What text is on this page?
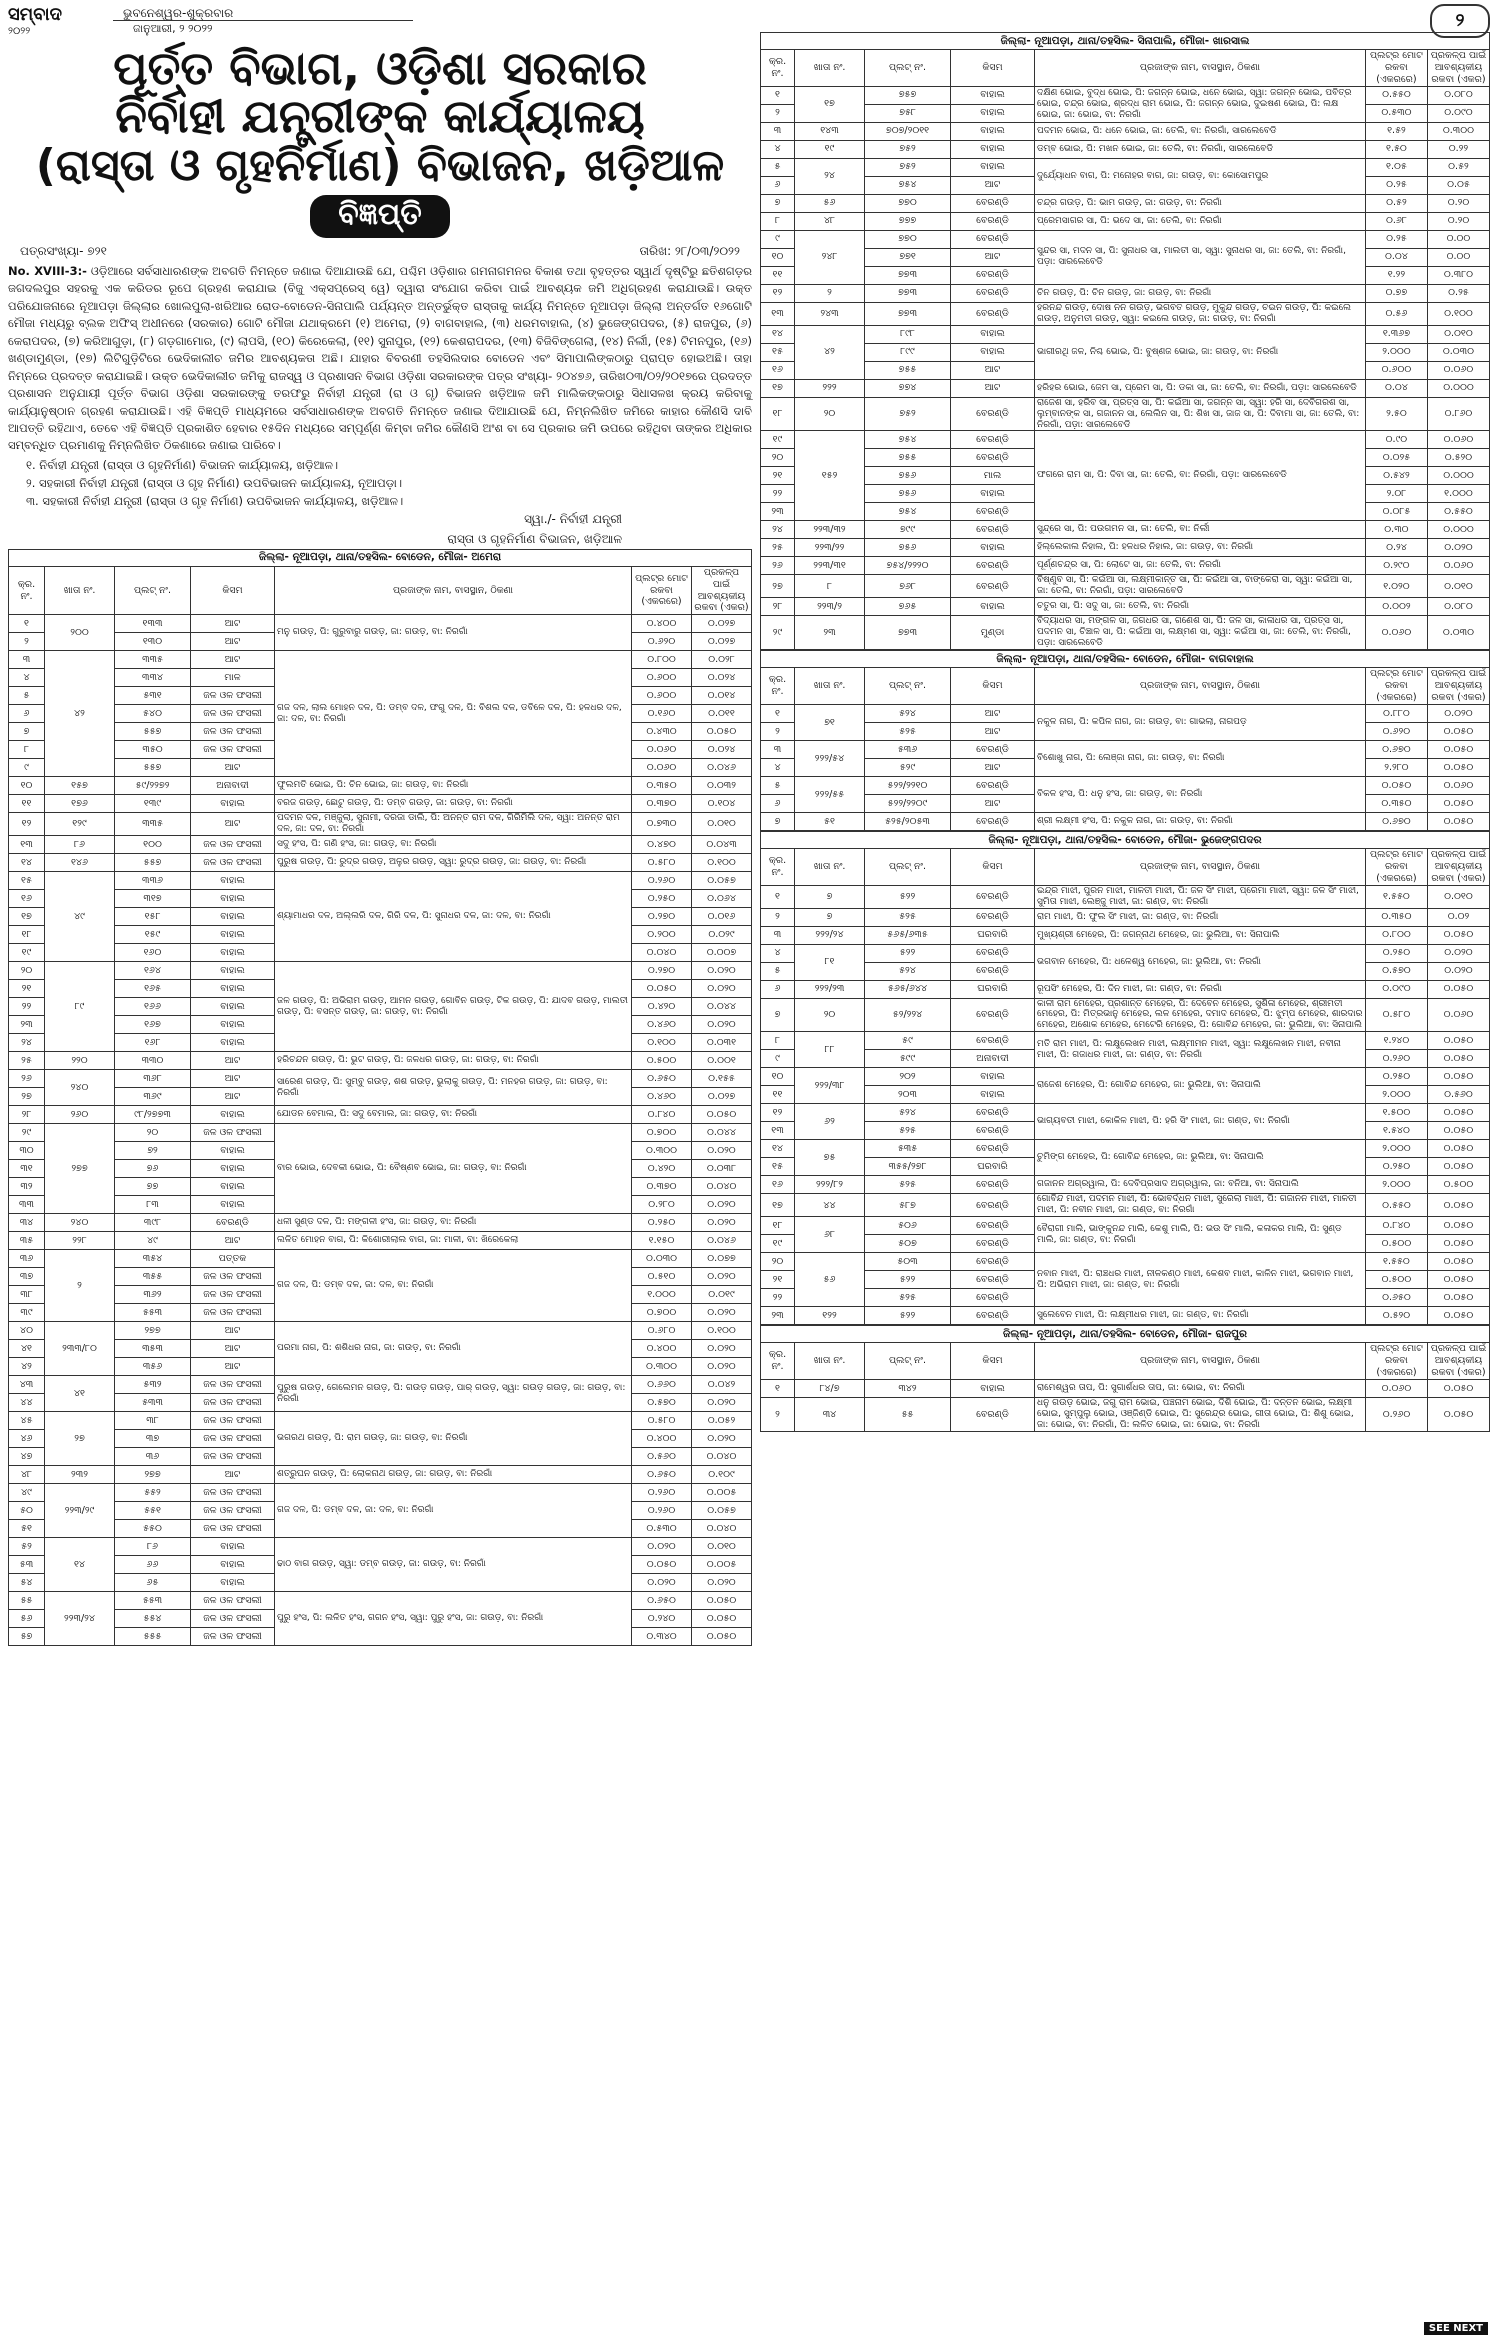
ସମ୍ବାଦ
୨୦୨୨
ଭୁବନେଶ୍ୱର-ଶୁକ୍ରବାର
ଜାନୁଆରୀ, ୨ ୨୦୨୨	୨
ପୂର୍ତ୍ତ ବିଭାଗ, ଓଡ଼ିଶା ସରକାର
ନିର୍ବାହୀ ଯନ୍ତ୍ରୀଙ୍କ କାର୍ଯ୍ୟାଳୟ
(ରାସ୍ତା ଓ ଗୃହନିର୍ମାଣ) ବିଭାଜନ, ଖଡ଼ିଆଳ
ବିଜ୍ଞପ୍ତି
ପତ୍ରସଂଖ୍ୟା- ୭୨୧	ତାରିଖ: ୨୮/୦୩/୨୦୨୨

No. XVIII-3:- ଓଡ଼ିଆରେ ସର୍ବସାଧାରଣଙ୍କ ଅବଗତି ନିମନ୍ତେ ଜଣାଇ ଦିଆଯାଉଛି ଯେ, ପଶ୍ଚିମ ଓଡ଼ିଶାର ଗମନାଗମନର ବିକାଶ ତଥା ବୃହତ୍ତର ସ୍ୱାର୍ଥ ଦୃଷ୍ଟିରୁ ଛତିଶଗଡ଼ର ଜଗଦଲପୁର ସହରକୁ ଏକ କରିଡର ରୂପେ ଗ୍ରହଣ କରାଯାଇ (ବିଜୁ ଏକ୍ସପ୍ରେସ୍ ୱେ) ଦ୍ୱାରା ସଂଯୋଗ କରିବା ପାଇଁ ଆବଶ୍ୟକ ଜମି ଅଧିଗ୍ରହଣ କରାଯାଉଛି। ଉକ୍ତ ପରିଯୋଜନାରେ ନୂଆପଡ଼ା ଜିଲ୍ଲାର ଖୋଲପୁଲା-ଖରିଆର ରୋଡ-ବୋଡେନ-ସିନାପାଲି ପର୍ଯ୍ୟନ୍ତ ଅନ୍ତର୍ଭୁକ୍ତ ରାସ୍ତାକୁ କାର୍ଯ୍ୟ ନିମନ୍ତେ ନୂଆପଡ଼ା ଜିଲ୍ଲା ଅନ୍ତର୍ଗତ ୧୬ଗୋଟି ମୌଜା ମଧ୍ୟରୁ ବ୍ଲକ ଅଫିସ୍ ଅଧୀନରେ (ସରକାର) ଗୋଟି ମୌଜା ଯଥାକ୍ରମେ (୧) ଅମେରା, (୨) ବାଗବାହାଲ, (୩) ଧରମବାହାଲ, (୪) ଭୁଜେଙ୍ଗପଦର, (୫) ରାଜପୁର, (୬) କେରାପଦର, (୭) କରିଆଗୁଡ଼ା, (୮) ଗଡ଼ଗାମୋର, (୯) ଲାପସି, (୧୦) କିରେକେଲା, (୧୧) ସୁନାପୁର, (୧୨) କେଶରାପଦର, (୧୩) ବିଜିବିଙ୍ଗେଲା, (୧୪) ନିର୍ଲୀ, (୧୫) ଟିମନପୁର, (୧୬) ଖଣ୍ଡାମୁଣ୍ଡା, (୧୭) ଲିଟିଗୁଡ଼ିଟିରେ ଭେଦିକାଲୀଚ ଜମିର ଆବଶ୍ୟକତା ଅଛି। ଯାହାର ବିବରଣୀ ତହସିଲଦାର ବୋଡେନ ଏବଂ ସିମାପାଲିଙ୍କଠାରୁ ପ୍ରାପ୍ତ ହୋଇଅଛି। ତାହା ନିମ୍ନରେ ପ୍ରଦତ୍ତ କରାଯାଇଛି। ଉକ୍ତ ଭେଦିକାଲୀଚ ଜମିକୁ ରାଜସ୍ୱ ଓ ପ୍ରଶାସନ ବିଭାଗ ଓଡ଼ିଶା ସରକାରଙ୍କ ପତ୍ର ସଂଖ୍ୟା- ୨୦୪୭୬, ତାରିଖ୦୩/୦୨/୨୦୧୭ରେ ପ୍ରଦତ୍ତ ପ୍ରଶାସନ ଅନୁଯାୟୀ ପୂର୍ତ୍ତ ବିଭାଗ ଓଡ଼ିଶା ସରକାରଙ୍କୁ ତରଫରୁ ନିର୍ବାହୀ ଯନ୍ତ୍ରୀ (ରା ଓ ଗୃ) ବିଭାଜନ ଖଡ଼ିଆଳ ଜମି ମାଲିକଙ୍କଠାରୁ ସିଧାସଳଖ କ୍ରୟ କରିବାକୁ କାର୍ଯ୍ୟାନୁଷ୍ଠାନ ଗ୍ରହଣ କରାଯାଉଛି। ଏହି ବିଜ୍ଞପ୍ତି ମାଧ୍ୟମରେ ସର୍ବସାଧାରଣଙ୍କ ଅବଗତି ନିମନ୍ତେ ଜଣାଇ ଦିଆଯାଉଛି ଯେ, ନିମ୍ନଲିଖିତ ଜମିରେ କାହାର କୌଣସି ଦାବି ଆପତ୍ତି ରହିଥାଏ, ତେବେ ଏହି ବିଜ୍ଞପ୍ତି ପ୍ରକାଶିତ ହେବାର ୧୫ଦିନ ମଧ୍ୟରେ ସମ୍ପୂର୍ଣ୍ଣ କିମ୍ବା ଜମିର କୌଣସି ଅଂଶ ବା ସେ ପ୍ରକାର ଜମି ଉପରେ ରହିଥିବା ତାଙ୍କର ଅଧିକାର ସମ୍ବନ୍ଧିତ ପ୍ରମାଣକୁ ନିମ୍ନଲିଖିତ ଠିକଣାରେ ଜଣାଇ ପାରିବେ।

୧. ନିର୍ବାହୀ ଯନ୍ତ୍ରୀ (ରାସ୍ତା ଓ ଗୃହନିର୍ମାଣ) ବିଭାଜନ କାର୍ଯ୍ୟାଳୟ, ଖଡ଼ିଆଳ।
୨. ସହକାରୀ ନିର୍ବାହୀ ଯନ୍ତ୍ରୀ (ରାସ୍ତା ଓ ଗୃହ ନିର୍ମାଣ) ଉପବିଭାଜନ କାର୍ଯ୍ୟାଳୟ, ନୂଆପଡ଼ା।
୩. ସହକାରୀ ନିର୍ବାହୀ ଯନ୍ତ୍ରୀ (ରାସ୍ତା ଓ ଗୃହ ନିର୍ମାଣ) ଉପବିଭାଜନ କାର୍ଯ୍ୟାଳୟ, ଖଡ଼ିଆଳ।
ସ୍ୱା./- ନିର୍ବାହୀ ଯନ୍ତ୍ରୀ
ରାସ୍ତା ଓ ଗୃହନିର୍ମାଣ ବିଭାଜନ, ଖଡ଼ିଆଳ
ଜିଲ୍ଲା- ନୂଆପଡ଼ା, ଥାନା/ତହସିଲ- ବୋଡେନ, ମୌଜା- ଅମେରା						
କ୍ର. ନଂ.	ଖାତା ନଂ.	ପ୍ଲଟ୍ ନଂ.	କିସମ	ପ୍ରଜାଙ୍କ ନାମ, ବାସସ୍ଥାନ, ଠିକଣା	ପ୍ଲଟ୍‌ର ମୋଟ ରକବା (ଏକରରେ)	ପ୍ରକଳ୍ପ ପାଇଁ ଆବଶ୍ୟକୀୟ ରକବା (ଏକର)
୧	୨୦୦	୧୩୩	ଆଟ	ମନୁ ଗଉଡ଼, ପି: ଗୁରୁବାରୁ ଗଉଡ଼, ଜା: ଗଉଡ଼, ବା: ନିରଗାଁ	୦.୪୦୦	୦.୦୨୭
୨		୧୩୦	ଆଟ		୦.୬୨୦	୦.୦୨୭
୩	୪୨	୩୩୫	ଆଟ	ଗଜ ଦଳ, ଲାଲ ମୋହନ ଦଳ, ପି: ଡମ୍ବ ଦଳ, ଫଗୁ ଦଳ, ପି: ବିଶଲ ଦଳ, ଡବିଳେ ଦଳ, ପି: ହଳଧର ଦଳ, ଜା: ଦଳ, ବା: ନିରଗାଁ	୦.୮୦୦	୦.୦୨୮
୪		୩୩୪	ମାଳ		୦.୬୦୦	୦.୦୨୪
୫		୫୩୧	ଜଳ ଓଳ ଫସଲୀ		୦.୬୦୦	୦.୦୧୪
୬		୫୪୦	ଜଳ ଓଳ ଫସଲୀ		୦.୧୬୦	୦.୦୧୧
୭		୫୫୭	ଜଳ ଓଳ ଫସଲୀ		୦.୪୩୦	୦.୦୫୦
୮		୩୫୦	ଜଳ ଓଳ ଫସଲୀ		୦.୦୬୦	୦.୦୨୪
୯		୫୫୭	ଆଟ		୦.୦୬୦	୦.୦୪୬
୧୦	୧୫୭	୫୯/୨୨୭୨	ଅନାବାଦୀ	ଫୁଲମତି ଭୋଇ, ପି: ଚିନ ଭୋଇ, ଜା: ଗଉଡ଼, ବା: ନିରଗାଁ	୦.୩୫୦	୦.୦୩୨
୧୧	୧୭୬	୧୩୯	ବାହାଲ	ବରଜ ଗଉଡ଼, ଛୋଟୁ ଗଉଡ଼, ପି: ଡମ୍ବ ଗଉଡ଼, ଜା: ଗଉଡ଼, ବା: ନିରଗାଁ	୦.୩୭୦	୦.୧୦୪
୧୨	୧୨୯	୩୩୫	ଆଟ	ପଦମନ ଦଳ, ମଞ୍ଜୁଲା, ସୁନାମୀ, ଦରଜା ଡାଲି, ପି: ଅନନ୍ତ ରାମ ଦଳ, ଗିରିମିଲି ଦଳ, ସ୍ୱା: ଅନନ୍ତ ରାମ ଦଳ, ଜା: ଦଳ, ବା: ନିରଗାଁ	୦.୭୩୦	୦.୦୧୦
୧୩	୮୬	୧୦୦	ଜଳ ଓଳ ଫସଲୀ	ସଦୁ ହଂସ, ପି: ଗଣି ହଂସ, ଜା: ଗଉଡ଼, ବା: ନିରଗାଁ	୦.୪୭୦	୦.୦୪୩
୧୪	୧୪୬	୫୫୭	ଜଳ ଓଳ ଫସଲୀ	ପୁରୁଷ ଗଉଡ଼, ପି: ରୁଦ୍ର ଗଉଡ଼, ଅଳୁର ଗଉଡ଼, ସ୍ୱା: ରୁଦ୍ର ଗଉଡ଼, ଜା: ଗଉଡ଼, ବା: ନିରଗାଁ	୦.୫୮୦	୦.୧୦୦
୧୫	୪୯	୩୩୬	ବାହାଲ	ଶ୍ୟାମାଧର ଦଳ, ଅଲ୍ଲରି ଦଳ, ଗିରି ଦଳ, ପି: ସୁନାଧର ଦଳ, ଜା: ଦଳ, ବା: ନିରଗାଁ	୦.୨୬୦	୦.୦୫୭
୧୬		୩୧୭	ବାହାଲ		୦.୨୫୦	୦.୦୬୪
୧୭		୧୫୮	ବାହାଲ		୦.୨୭୦	୦.୦୧୬
୧୮		୧୫୯	ବାହାଲ		୦.୨୦୦	୦.୦୨୯
୧୯		୧୬୦	ବାହାଲ		୦.୦୪୦	୦.୦୦୭
୨୦	୮୯	୧୬୪	ବାହାଲ	ଜଳ ଗଉଡ଼, ପି: ଅଭିରାମ ଗଉଡ଼, ଆମନ ଗଉଡ଼, ଗୋବିନ ଗଉଡ଼, ଟିକ ଗଉଡ଼, ପି: ଯାଦବ ଗଉଡ଼, ମାଲତୀ ଗଉଡ଼, ପି: ବସନ୍ତ ଗଉଡ଼, ଜା: ଗଉଡ଼, ବା: ନିରଗାଁ	୦.୨୭୦	୦.୦୨୦
୨୧		୧୬୫	ବାହାଲ		୦.୦୫୦	୦.୦୨୦
୨୨		୧୬୬	ବାହାଲ		୦.୪୨୦	୦.୦୪୪
୨୩		୧୬୭	ବାହାଲ		୦.୪୬୦	୦.୦୨୦
୨୪		୧୬୮	ବାହାଲ		୦.୧୦୦	୦.୦୩୧
୨୫	୨୨୦	୩୩୦	ଆଟ	ହରିଚନ୍ଦନ ଗଉଡ଼, ପି: ଭୁଟ ଗଉଡ଼, ପି: ଜଳଧର ଗଉଡ଼, ଜା: ଗଉଡ଼, ବା: ନିରଗାଁ	୦.୫୦୦	୦.୦୦୧
୨୬	୨୪୦	୩୬୮	ଆଟ	ସାରେଣ ଗଉଡ଼, ପି: ସୁମ୍ବୁ ଗଉଡ଼, ଶଶ ଗଉଡ଼, ଭୁଲାକୁ ଗଉଡ଼, ପି: ମନହର ଗଉଡ଼, ଜା: ଗଉଡ଼, ବା: ନିରଗାଁ	୦.୬୫୦	୦.୧୫୫
୨୭		୩୬୯	ଆଟ		୦.୪୬୦	୦.୦୨୭
୨୮	୨୬୦	୯୮/୨୭୭୩	ବାହାଲ	ଯୋଡନ ବେମାଲ, ପି: ସଦୁ ବେମାଲ, ଜା: ଗଉଡ଼, ବା: ନିରଗାଁ	୦.୮୪୦	୦.୦୫୦
୨୯	୨୭୭	୨୦	ଜଳ ଓଳ ଫସଲୀ	ବାର ଭୋଇ, ଦେବକୀ ଭୋଇ, ପି: ବୈଷ୍ଣବ ଭୋଇ, ଜା: ଗଉଡ଼, ବା: ନିରଗାଁ	୦.୭୦୦	୦.୦୪୪
୩୦		୭୨	ବାହାଲ		୦.୩୦୦	୦.୦୨୦
୩୧		୭୬	ବାହାଲ		୦.୪୨୦	୦.୦୩୮
୩୨		୭୭	ବାହାଲ		୦.୩୭୦	୦.୦୪୦
୩୩		୮୩	ବାହାଲ		୦.୨୮୦	୦.୦୨୦
୩୪	୨୪୦	୩୯୮	ବେରଣ୍ଡି	ଧଳୀ ସୁଣ୍ଡ ଦଳ, ପି: ମଙ୍ଗଳୀ ହଂସ, ଜା: ଗଉଡ଼, ବା: ନିରଗାଁ	୦.୨୫୦	୦.୦୨୦
୩୫	୨୨୮	୪୯	ଆଟ	ଲଳିତ ମୋହନ ବାଗ, ପି: କିଶୋରୀଲାଲ ବାଗ, ଜା: ମାଳୀ, ବା: ଖିରେକେଲା	୧.୧୫୦	୦.୦୪୬
୩୬	୨	୩୫୪	ପତ୍ତକ	ଗଜ ଦଳ, ପି: ଡମ୍ବ ଦଳ, ଜା: ଦଳ, ବା: ନିରଗାଁ	୦.୦୩୦	୦.୦୭୭
୩୭		୩୫୫	ଜଳ ଓଳ ଫସଲୀ		୦.୫୧୦	୦.୦୨୦
୩୮		୩୬୨	ଜଳ ଓଳ ଫସଲୀ		୧.୦୦୦	୦.୦୧୯
୩୯		୫୫୩	ଜଳ ଓଳ ଫସଲୀ		୦.୭୦୦	୦.୦୨୦
୪୦	୨୩୩/୮୦	୨୭୭	ଆଟ	ପରମା ନାଗ, ପି: ଶଶିଧର ନାଗ, ଜା: ଗଉଡ଼, ବା: ନିରଗାଁ	୦.୬୮୦	୦.୧୦୦
୪୧		୩୫୩	ଆଟ		୦.୪୦୦	୦.୦୨୦
୪୨		୩୫୬	ଆଟ		୦.୩୦୦	୦.୦୨୦
୪୩	୪୧	୫୩୨	ଜଳ ଓଳ ଫସଲୀ	ପୁରୁଷ ଗଉଡ଼, ଗେଲେମନ ଗଉଡ଼, ପି: ଗଉଡ଼ ଗଉଡ଼, ପାର୍ ଗଉଡ଼, ସ୍ୱା: ଗଉଡ଼ ଗଉଡ଼, ଜା: ଗଉଡ଼, ବା: ନିରଗାଁ	୦.୬୬୦	୦.୦୪୨
୪୪		୫୩୩	ଜଳ ଓଳ ଫସଲୀ		୦.୫୭୦	୦.୦୨୦
୪୫	୨୭	୩୮	ଜଳ ଓଳ ଫସଲୀ	ଭଗରଥ ଗଉଡ଼, ପି: ରାମ ଗଉଡ଼, ଜା: ଗଉଡ଼, ବା: ନିରଗାଁ	୦.୫୮୦	୦.୦୫୨
୪୬		୩୭	ଜଳ ଓଳ ଫସଲୀ		୦.୪୦୦	୦.୦୨୦
୪୭		୩୬	ଜଳ ଓଳ ଫସଲୀ		୦.୫୬୦	୦.୦୪୦
୪୮	୨୩୨	୨୭୭	ଆଟ	ଶତ୍ରୁଘନ ଗଉଡ଼, ପି: ଲୋକନାଥ ଗଉଡ଼, ଜା: ଗଉଡ଼, ବା: ନିରଗାଁ	୦.୬୫୦	୦.୧୦୯
୪୯	୨୨୩/୨୯	୫୫୨	ଜଳ ଓଳ ଫସଲୀ	ଗଜ ଦଳ, ପି: ଡମ୍ବ ଦଳ, ଜା: ଦଳ, ବା: ନିରଗାଁ	୦.୨୬୦	୦.୦୦୫
୫୦		୫୫୧	ଜଳ ଓଳ ଫସଲୀ		୦.୨୬୦	୦.୦୫୭
୫୧		୫୫୦	ଜଳ ଓଳ ଫସଲୀ		୦.୫୩୦	୦.୦୪୦
୫୨	୧୪	୮୬	ବାହାଲ	ଢାଠ ବାଗ ଗଉଡ଼, ସ୍ୱା: ଡମ୍ବ ଗଉଡ଼, ଜା: ଗଉଡ଼, ବା: ନିରଗାଁ	୦.୦୨୦	୦.୦୧୦
୫୩		୬୬	ବାହାଲ		୦.୦୫୦	୦.୦୦୫
୫୪		୬୫	ବାହାଲ		୦.୦୨୦	୦.୦୨୦
୫୫	୨୨୩/୨୪	୫୫୩	ଜଳ ଓଳ ଫସଲୀ	ପୁରୁ ହଂସ, ପି: ଲଳିତ ହଂସ, ଗଗନ ହଂସ, ସ୍ୱା: ପୁରୁ ହଂସ, ଜା: ଗଉଡ଼, ବା: ନିରଗାଁ	୦.୬୫୦	୦.୦୫୦
୫୬		୫୫୪	ଜଳ ଓଳ ଫସଲୀ		୦.୨୪୦	୦.୦୫୦
୫୭		୫୫୫	ଜଳ ଓଳ ଫସଲୀ		୦.୩୪୦	୦.୦୫୦
ଜିଲ୍ଲା- ନୂଆପଡ଼ା, ଥାନା/ତହସିଲ- ସିନାପାଲି, ମୌଜା- ଖାରସାଲ						
କ୍ର. ନଂ.	ଖାତା ନଂ.	ପ୍ଲଟ୍ ନଂ.	କିସମ	ପ୍ରଜାଙ୍କ ନାମ, ବାସସ୍ଥାନ, ଠିକଣା	ପ୍ଲଟ୍‌ର ମୋଟ ରକବା (ଏକରରେ)	ପ୍ରକଳ୍ପ ପାଇଁ ଆବଶ୍ୟକୀୟ ରକବା (ଏକର)
୧	୧୭	୭୫୭	ବାହାଲ	ଦକ୍ଷିଣ ଭୋଇ, ବୁଦ୍ଧ ଭୋଇ, ପି: ଜଗନ୍ନ ଭୋଇ, ଧନେ ଭୋଇ, ସ୍ୱା: ଜଗନ୍ନ ଭୋଇ, ପବିତ୍ର ଭୋଇ, ଚନ୍ଦ୍ର ଭୋଇ, ଶ୍ରଦ୍ଧ ରାମ ଭୋଇ, ପି: ଜଗନ୍ନ ଭୋଇ, ଦୁଇଷଣ ଭୋଇ, ପି: ଲକ୍ଷ ଭୋଇ, ଜା: ଭୋଇ, ବା: ନିରଗାଁ	୦.୫୫୦	୦.୦୮୦
୨		୭୫୮	ବାହାଲ		୦.୫୩୦	୦.୦୯୦
୩	୧୪୩	୭୦୭/୨୦୧୧	ବାହାଲ	ପଦମନ ଭୋଇ, ପି: ଧନେ ଭୋଇ, ଜା: ତେଲି, ବା: ନିରଗାଁ, ସାରଲେବେଡି	୧.୫୨	୦.୩୦୦
୪	୧୯	୭୫୨	ବାହାଲ	ଡମ୍ବ ଭୋଇ, ପି: ମଖନ ଭୋଇ, ଜା: ତେଲି, ବା: ନିରଗାଁ, ସାରଲେବେଡି	୧.୫୦	୦.୨୨
୫	୨୪	୭୫୨	ବାହାଲ	ଦୁର୍ଯ୍ୟୋଧନ ବାଗ, ପି: ମନୋହର ବାଗ, ଜା: ଗଉଡ଼, ବା: କୋସୋମପୁର	୧.୦୫	୦.୫୨
୬		୭୫୪	ଆଟ		୦.୨୫	୦.୦୫
୭	୫୬	୭୭୦	ବେରଣ୍ଡି	ଚନ୍ଦ୍ର ଗଉଡ଼, ପି: ଭାମ ଗଉଡ଼, ଜା: ଗଉଡ଼, ବା: ନିରଗାଁ	୦.୫୨	୦.୨୦
୮	୪୮	୭୭୭	ବେରଣ୍ଡି	ପ୍ରେମସାଗର ସା, ପି: ଭଦେ ସା, ଜା: ତେଲି, ବା: ନିରଗାଁ	୦.୬୮	୦.୨୦
୯	୨୪୮	୭୭୦	ବେରଣ୍ଡି	ସୁନ୍ଦର ସା, ମଦନ ସା, ପି: ସୁନାଧର ସା, ମାଲତୀ ସା, ସ୍ୱା: ସୁନାଧର ସା, ଜା: ତେଲି, ବା: ନିରଗାଁ, ପଡ଼ା: ସାରଲେବେଡି	୦.୨୫	୦.୦୦
୧୦		୭୭୧	ଆଟ		୦.୦୪	୦.୦୦
୧୧		୭୭୩	ବେରଣ୍ଡି		୧.୨୨	୦.୩୮୦
୧୨	୨	୭୭୩	ବେରଣ୍ଡି	ଚିନ ଗଉଡ଼, ପି: ଚିନ ଗଉଡ଼, ଜା: ଗଉଡ଼, ବା: ନିରଗାଁ	୦.୭୭	୦.୨୫
୧୩	୨୪୩	୭୭୩	ବେରଣ୍ଡି	ହରନନ୍ଦ ଗଉଡ଼, ଦୋଷ ନନ ଗଉଡ଼, ଭଗବତ ଗଉଡ଼, ମୁକୁନ୍ଦ ଗଉଡ଼, ଚଇନ ଗଉଡ଼, ପି: କଇଲେ ଗଉଡ଼, ଅନୁମତୀ ଗଉଡ଼, ସ୍ୱା: କଇଲେ ଗଉଡ଼, ଜା: ଗଉଡ଼, ବା: ନିରଗାଁ	୦.୫୬	୦.୧୦୦
୧୪	୪୨	୮୯୮	ବାହାଲ	ଭାଗୀରଥି ଜଳ, ନିଶ୍ଚ ଭୋଇ, ପି: ବୁଷ୍ଣଜ ଭୋଇ, ଜା: ଗଉଡ଼, ବା: ନିରଗାଁ	୧.୩୬୭	୦.୦୧୦
୧୫		୮୯୯	ବାହାଲ		୨.୦୦୦	୦.୦୩୦
୧୬		୭୫୫	ଆଟ		୦.୬୦୦	୦.୦୬୦
୧୭	୨୨୨	୭୭୪	ଆଟ	ହରିହର ଭୋଇ, ଜେମ ସା, ପ୍ରେମ ସା, ପି: ଡକା ସା, ଜା: ତେଲି, ବା: ନିରଗାଁ, ପଡ଼ା: ସାରଲେବେଡି	୦.୦୪	୦.୦୦୦
୧୮	୨୦	୭୫୨	ବେରଣ୍ଡି	ରାଜେଶ ସା, ହରିବ ସା, ପ୍ରତ୍ସ ସା, ପି: କଇଁଆ ସା, ଜଗନ୍ନ ସା, ସ୍ୱା: ହରି ସା, ଦେବିଗରଶ ସା, ଲୁମ୍ବାନଙ୍କ ସା, ଗଜାନନ ସା, ଲେଲିନ ସା, ପି: ଶିଖ ସା, ଜାଜ ସା, ପି: ଦିବାମା ସା, ଜା: ତେଲି, ବା: ନିରଗାଁ, ପଡ଼ା: ସାରଲେବେଡି	୨.୫୦	୦.୮୬୦
୧୯	୧୫୨	୭୫୪	ବେରଣ୍ଡି	ଫଗରେ ରାମ ସା, ପି: ଦିବା ସା, ଜା: ତେଲି, ବା: ନିରଗାଁ, ପଡ଼ା: ସାରଲେବେଡି	୦.୯୦	୦.୦୬୦
୨୦		୭୫୫	ବେରଣ୍ଡି		୦.୦୨୫	୦.୫୨୦
୨୧		୭୫୬	ମାଲ		୦.୫୪୨	୦.୦୦୦
୨୨		୭୫୬	ବାହାଲ		୨.୦୮	୧.୦୦୦
୨୩		୭୫୪	ବେରଣ୍ଡି		୦.୦୮୫	୦.୫୫୦
୨୪	୨୨୩/୩୨	୭୯୯	ବେରଣ୍ଡି	ସୁନ୍ଦ୍ରେ ସା, ପି: ପଉଗମନ ସା, ଜା: ତେଲି, ବା: ନିର୍ଲୀ	୦.୩୦	୦.୦୦୦
୨୫	୨୨୩/୨୨	୭୫୬	ବାହାଲ	ହିଲ୍ଲେକାଲ ନିହାଲ, ପି: ହଳଧର ନିହାଲ, ଜା: ଗଉଡ଼, ବା: ନିରଗାଁ	୦.୨୪	୦.୦୨୦
୨୬	୨୨୩/୩୧	୭୫୪/୨୨୨୦	ବେରଣ୍ଡି	ପୂର୍ଣ୍ଣଚନ୍ଦ୍ର ସା, ପି: ଲୋଟେ ସା, ଜା: ତେଲି, ବା: ନିରଗାଁ	୦.୨୯୦	୦.୦୬୦
୨୭	୮	୭୬୮	ବେରଣ୍ଡି	ବିଷ୍ଣୁବ ସା, ପି: କଇଁଆ ସା, ଲକ୍ଷ୍ମୀକାନ୍ତ ସା, ପି: କଇଁଆ ସା, ବାଙ୍କେରା ସା, ସ୍ୱା: କଇଁଆ ସା, ଜା: ତେଲି, ବା: ନିରଗାଁ, ପଡ଼ା: ସାରଲେବେଡି	୧.୦୨୦	୦.୦୧୦
୨୮	୨୨୩/୨	୭୬୫	ବାହାଲ	ଚତୁର ସା, ପି: ସଦୁ ସା, ଜା: ତେଲି, ବା: ନିରଗାଁ	୦.୦୦୨	୦.୦୮୦
୨୯	୨୩	୭୭୩	ମୁଣ୍ଡା	ବିଦ୍ୟାଧର ସା, ମଙ୍ଗଳ ସା, ଜଗଧର ସା, ଗଣେଶ ସା, ପି: ଜଳ ସା, କାଳାଧର ସା, ପ୍ରତ୍ସ ସା, ପଦମନ ସା, ଚିଞ୍ଚାଳ ସା, ପି: କଇଁଆ ସା, ଲକ୍ଷ୍ମଣ ସା, ସ୍ୱା: କଇଁଆ ସା, ଜା: ତେଲି, ବା: ନିରଗାଁ, ପଡ଼ା: ସାରଲେବେଡି	୦.୦୬୦	୦.୦୩୦
ଜିଲ୍ଲା- ନୂଆପଡ଼ା, ଥାନା/ତହସିଲ- ବୋଡେନ, ମୌଜା- ବାଗବାହାଲ						
କ୍ର. ନଂ.	ଖାତା ନଂ.	ପ୍ଲଟ୍ ନଂ.	କିସମ	ପ୍ରଜାଙ୍କ ନାମ, ବାସସ୍ଥାନ, ଠିକଣା	ପ୍ଲଟ୍‌ର ମୋଟ ରକବା (ଏକରରେ)	ପ୍ରକଳ୍ପ ପାଇଁ ଆବଶ୍ୟକୀୟ ରକବା (ଏକର)
୧	୭୧	୫୨୪	ଆଟ	ନକୁଳ ନାଗ, ପି: କପିଳ ନାଗ, ଜା: ଗଉଡ଼, ବା: ଗାଭଲା, ନାଗପଡ଼	୦.୮୮୦	୦.୦୨୦
୨		୫୨୫	ଆଟ		୦.୬୨୦	୦.୦୫୦
୩	୨୨୨/୫୪	୫୩୬	ବେରଣ୍ଡି	ବିଶୋଖୁ ନାଗ, ପି: ଲେଞ୍ଜା ନାଗ, ଜା: ଗଉଡ଼, ବା: ନିରଗାଁ	୦.୬୭୦	୦.୦୫୦
୪		୫୨୯	ଆଟ		୨.୨୮୦	୦.୦୫୦
୫	୨୨୨/୫୫	୫୨୨/୨୨୧୦	ବେରଣ୍ଡି	ବିକଳ ହଂସ, ପି: ଧନୁ ହଂସ, ଜା: ଗଉଡ଼, ବା: ନିରଗାଁ	୦.୦୫୦	୦.୦୬୦
୬		୫୨୨/୨୨୦୯	ଆଟ		୦.୩୫୦	୦.୦୫୦
୭	୫୧	୫୨୫/୨୦୫୩	ବେରଣ୍ଡି	ଶ୍ରୀ ଲକ୍ଷ୍ମୀ ହଂସ, ପି: ନକୁଳ ନାଗ, ଜା: ଗଉଡ଼, ବା: ନିରଗାଁ	୦.୬୭୦	୦.୦୫୦
ଜିଲ୍ଲା- ନୂଆପଡ଼ା, ଥାନା/ତହସିଲ- ବୋଡେନ, ମୌଜା- ଭୁଜେଙ୍ଗପଦର						
କ୍ର. ନଂ.	ଖାତା ନଂ.	ପ୍ଲଟ୍ ନଂ.	କିସମ	ପ୍ରଜାଙ୍କ ନାମ, ବାସସ୍ଥାନ, ଠିକଣା	ପ୍ଲଟ୍‌ର ମୋଟ ରକବା (ଏକରରେ)	ପ୍ରକଳ୍ପ ପାଇଁ ଆବଶ୍ୟକୀୟ ରକବା (ଏକର)
୧	୭	୫୨୨	ବେରଣ୍ଡି	ଇନ୍ଦ୍ର ମାଝୀ, ପୁରନ ମାଝୀ, ମାଳତୀ ମାଝୀ, ପି: ଜଳ ସିଂ ମାଝୀ, ପ୍ରେମା ମାଝୀ, ସ୍ୱା: ଜଳ ସିଂ ମାଝୀ, ସୁମିତା ମାଝୀ, ଲେଞ୍ଜୁ ମାଝୀ, ଜା: ଗଣ୍ଡ, ବା: ନିରଗାଁ	୧.୫୫୦	୦.୦୧୦
୨	୭	୫୨୫	ବେରଣ୍ଡି	ରାମ ମାଝୀ, ପି: ଫୁଲ ସିଂ ମାଝୀ, ଜା: ଗଣ୍ଡ, ବା: ନିରଗାଁ	୦.୩୫୦	୦.୦୨
୩	୨୨୨/୨୪	୫୬୫/୬୩୫	ଘରବାରି	ମୁଖ୍ୟଶ୍ରୀ ମେହେର, ପି: ଜଗନ୍ନାଥ ମେହେର, ଜା: ଭୁଲିଆ, ବା: ସିନାପାଲି	୦.୮୦୦	୦.୦୫୦
୪	୮୧	୫୨୨	ବେରଣ୍ଡି	ଭଗବାନ ମେହେର, ପି: ଧଳେଶ୍ୱ ମେହେର, ଜା: ଭୁଲିଆ, ବା: ନିରଗାଁ	୦.୨୫୦	୦.୦୨୦
୫		୫୨୪	ବେରଣ୍ଡି		୦.୫୭୦	୦.୦୨୦
୬	୨୨୨/୨୩	୫୬୫/୬୪୪	ଘରବାରି	ରୂପସିଂ ମେହେର, ପି: ଦିନ ମାଝୀ, ଜା: ଗଣ୍ଡ, ବା: ନିରଗାଁ	୦.୦୯୦	୦.୦୫୦
୭	୨୦	୫୨/୨୨୪	ବେରଣ୍ଡି	କାଳୀ ରାମ ମେହେର, ପ୍ରଶାନ୍ତ ମେହେର, ପି: ଦେବେନ ମେହେର, ସୁଶିଳା ମେହେର, ଶ୍ରୀମତୀ ମେହେର, ପି: ମିତ୍ରଭାନୁ ମେହେର, ଲଳ ମେହେର, ଦମାଦ ମେହେର, ପି: ଝୁମ୍ପ ମେହେର, ଶାରଦାର ମେହେର, ଅଶୋକ ମେହେର, ମେଟେରି ମେହେର, ପି: ଗୋବିନ୍ଦ ମେହେର, ଜା: ଭୁଲିଆ, ବା: ସିନାପାଲି	୦.୫୮୦	୦.୦୬୦
୮	୮୮	୫୯	ବେରଣ୍ଡି	ମତି ରାମ ମାଝୀ, ପି: ଲକ୍ଷୁଲେଖନ ମାଝୀ, ଲକ୍ଷ୍ମୀମନ ମାଝୀ, ସ୍ୱା: ଲକ୍ଷୁଲେଖନ ମାଝୀ, ନବୀନା ମାଝୀ, ପି: ଗଜାଧର ମାଝୀ, ଜା: ଗଣ୍ଡ, ବା: ନିରଗାଁ	୧.୨୪୦	୦.୦୫୦
୯		୫୯୯	ଅନାବାଦୀ		୦.୨୬୦	୦.୦୫୦
୧୦	୨୨୨/୩୮	୨୦୨	ବାହାଲ	ରାଜେଶ ମେହେର, ପି: ଗୋବିନ୍ଦ ମେହେର, ଜା: ଭୁଲିଆ, ବା: ସିନାପାଲି	୦.୨୫୦	୦.୦୫୦
୧୧		୨୦୩	ବାହାଲ		୨.୦୦୦	୦.୫୬୦
୧୨	୬୨	୫୨୪	ବେରଣ୍ଡି	ଭାଗ୍ୟବତୀ ମାଝୀ, କୋକିଳ ମାଝୀ, ପି: ହରି ସିଂ ମାଝୀ, ଜା: ଗଣ୍ଡ, ବା: ନିରଗାଁ	୧.୫୦୦	୦.୦୫୦
୧୩		୫୨୫	ବେରଣ୍ଡି		୧.୫୪୦	୦.୦୫୦
୧୪	୭୫	୫୩୫	ବେରଣ୍ଡି	ଚୁମିଙ୍ଗ ମେହେର, ପି: ଗୋବିନ୍ଦ ମେହେର, ଜା: ଭୁଲିଆ, ବା: ସିନାପାଲି	୨.୦୦୦	୦.୦୫୦
୧୫		୩୫୫/୨୭୮	ଘରବାରି		୦.୨୫୦	୦.୦୫୦
୧୬	୨୨୨/୮୨	୫୨୫	ବେରଣ୍ଡି	ଗଜାନନ ଅଗ୍ରୱାଲ, ପି: ଦେବିପ୍ରସାଦ ଅଗ୍ରୱାଲ, ଜା: ବନିଆ, ବା: ସିନାପାଲି	୨.୦୦୦	୦.୫୦୦
୧୭	୪୪	୫୮୭	ବେରଣ୍ଡି	ଗୋବିନ୍ଦ ମାଝୀ, ପଦମନ ମାଝୀ, ପି: ଭୋବର୍ଦ୍ଧନ ମାଝୀ, ସୁରେଲା ମାଝୀ, ପି: ଗଜାନନ ମାଝୀ, ମାଳତୀ ମାଝୀ, ପି: ନବୀନ ମାଝୀ, ଜା: ଗଣ୍ଡ, ବା: ନିରଗାଁ	୦.୫୫୦	୦.୦୫୦
୧୮	୬୮	୫୦୬	ବେରଣ୍ଡି	ବୈରାଗୀ ମାଲି, ଭାଙ୍କୁନନ୍ଦ ମାଲି, କେଶୁ ମାଲି, ପି: ଭଉ ସିଂ ମାଲି, କଳାକର ମାଲି, ପି: ସୁଣ୍ଡ ମାଲି, ଜା: ଗଣ୍ଡ, ବା: ନିରଗାଁ	୦.୮୪୦	୦.୦୫୦
୧୯		୫୦୭	ବେରଣ୍ଡି		୦.୫୦୦	୦.୦୫୦
୨୦	୫୬	୫୦୩	ବେରଣ୍ଡି	ନବାନ ମାଝୀ, ପି: ରାଞ୍ଚଧର ମାଝୀ, ନୀଳକଣ୍ଠ ମାଝୀ, କେଶବ ମାଝୀ, କାଳିନ ମାଝୀ, ଭଗବାନ ମାଝୀ, ପି: ଅଭିରାମ ମାଝୀ, ଜା: ଗଣ୍ଡ, ବା: ନିରଗାଁ	୧.୫୫୦	୦.୦୫୦
୨୧		୫୨୨	ବେରଣ୍ଡି		୦.୫୦୦	୦.୦୫୦
୨୨		୫୨୫	ବେରଣ୍ଡି		୦.୬୫୦	୦.୦୫୦
୨୩	୧୨୨	୫୨୨	ବେରଣ୍ଡି	ସୁଲେବେନ ମାଝୀ, ପି: ଲକ୍ଷ୍ମୀଧର ମାଝୀ, ଜା: ଗଣ୍ଡ, ବା: ନିରଗାଁ	୦.୫୨୦	୦.୦୫୦
ଜିଲ୍ଲା- ନୂଆପଡ଼ା, ଥାନା/ତହସିଲ- ବୋଡେନ, ମୌଜା- ରାଜପୁର						
କ୍ର. ନଂ.	ଖାତା ନଂ.	ପ୍ଲଟ୍ ନଂ.	କିସମ	ପ୍ରଜାଙ୍କ ନାମ, ବାସସ୍ଥାନ, ଠିକଣା	ପ୍ଲଟ୍‌ର ମୋଟ ରକବା (ଏକରରେ)	ପ୍ରକଳ୍ପ ପାଇଁ ଆବଶ୍ୟକୀୟ ରକବା (ଏକର)
୧	୮୪/୭	୩୪୨	ବାହାଲ	ରାମେଶ୍ୱର ତାପ, ପି: ସୁଗାର୍ଶଧର ତାପ, ଜା: ଭୋଇ, ବା: ନିରଗାଁ	୦.୦୬୦	୦.୦୫୦
୨	୩୪	୫୫	ବେରଣ୍ଡି	ଧନୁ ଗଉଡ଼ ଭୋଇ, ଜଗୁ ରାମ ଭୋଇ, ପଞ୍ଚନାମ ଭୋଇ, ଦିଶି ଭୋଇ, ପି: ଦନ୍ତନ ଭୋଇ, ଲକ୍ଷ୍ମୀ ଭୋଇ, ସୁମ୍ପୁଲୁ ଭୋଇ, ଓଞ୍ଜିଣ୍ଡି ଭୋଇ, ପି: ସୁରେନ୍ଦ୍ର ଭୋଇ, ଗୀତା ଭୋଇ, ପି: ଶିଶୁ ଭୋଇ, ଜା: ଭୋଇ, ବା: ନିରଗାଁ, ପି: ଲଳିତ ଭୋଇ, ଜା: ଭୋଇ, ବା: ନିରଗାଁ	୦.୨୬୦	୦.୦୫୦
SEE NEXT
